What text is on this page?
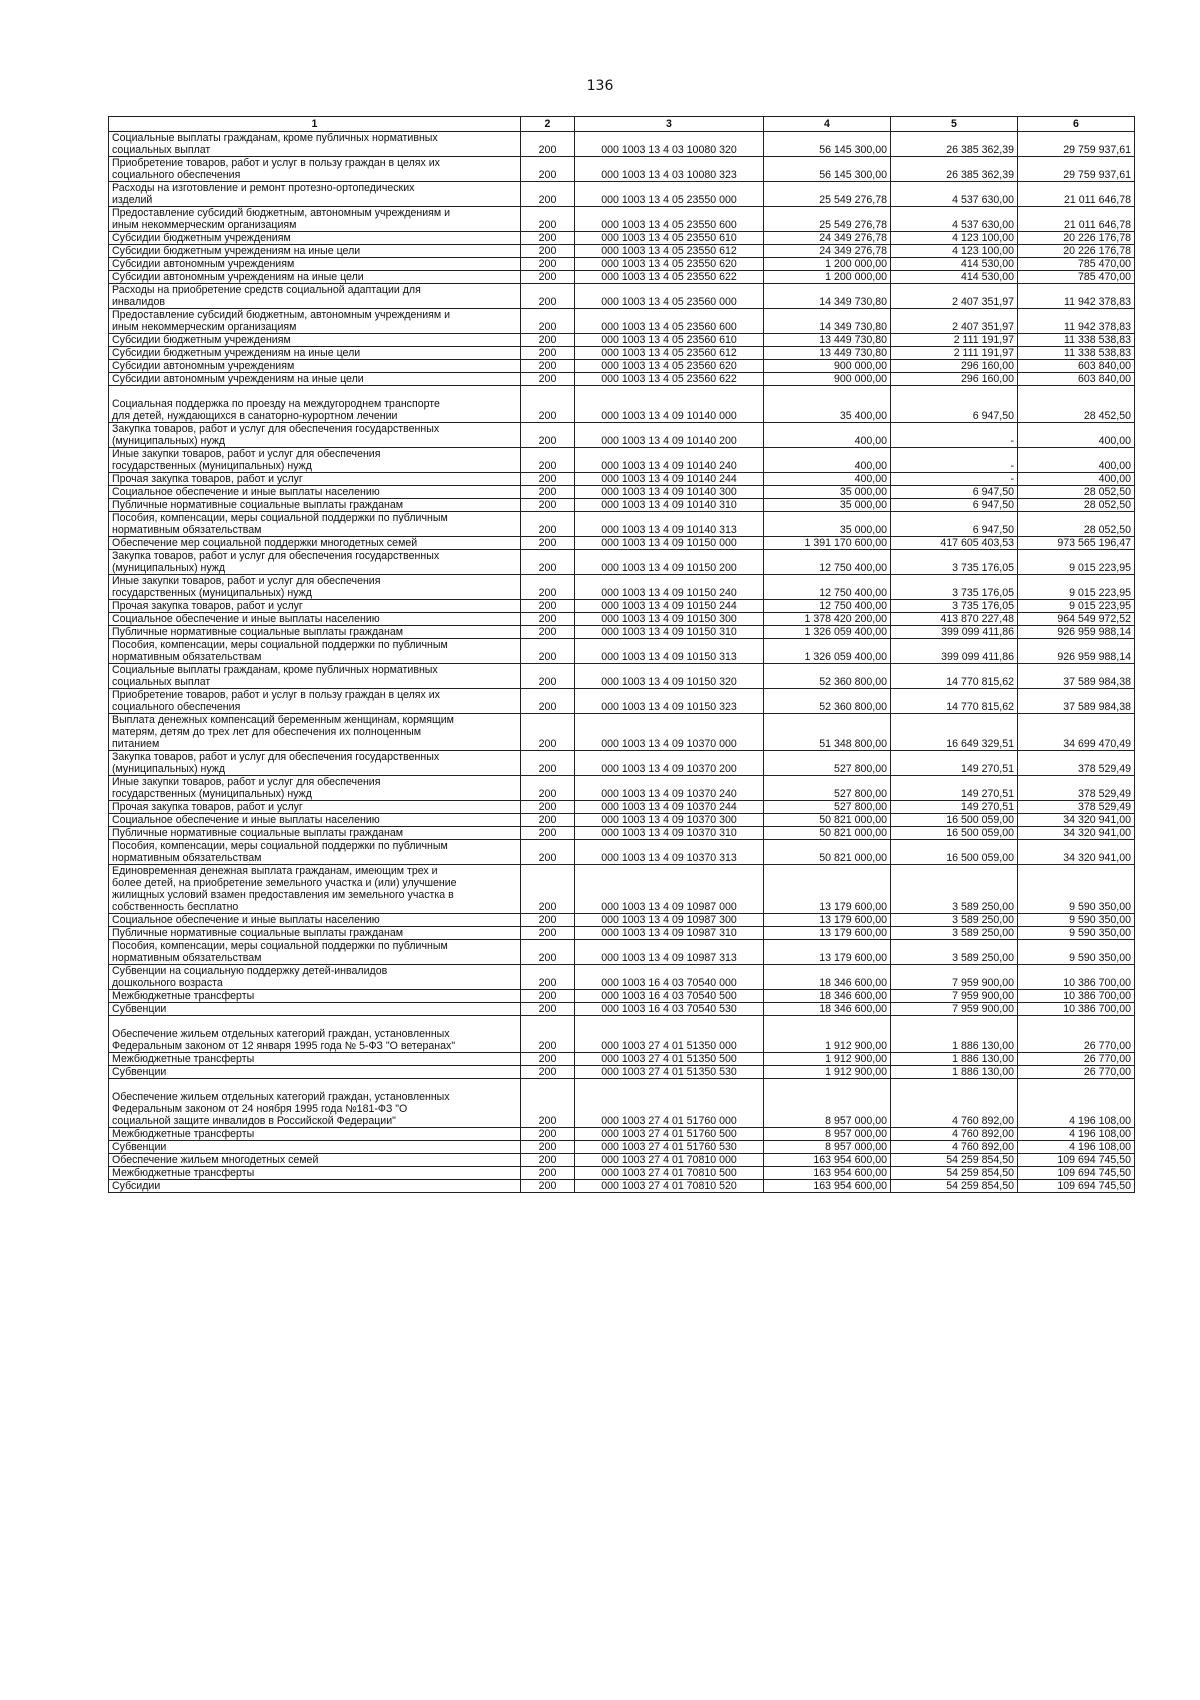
136
1	2	3	4	5	6
Социальные выплаты гражданам, кроме публичных нормативных
социальных выплат	200	000 1003 13 4 03 10080 320	56 145 300,00	26 385 362,39	29 759 937,61
Приобретение товаров, работ и услуг в пользу граждан в целях их
социального обеспечения	200	000 1003 13 4 03 10080 323	56 145 300,00	26 385 362,39	29 759 937,61
Расходы на изготовление и ремонт протезно-ортопедических
изделий	200	000 1003 13 4 05 23550 000	25 549 276,78	4 537 630,00	21 011 646,78
Предоставление субсидий бюджетным, автономным учреждениям и
иным некоммерческим организациям	200	000 1003 13 4 05 23550 600	25 549 276,78	4 537 630,00	21 011 646,78
Субсидии бюджетным учреждениям	200	000 1003 13 4 05 23550 610	24 349 276,78	4 123 100,00	20 226 176,78
Субсидии бюджетным учреждениям на иные цели	200	000 1003 13 4 05 23550 612	24 349 276,78	4 123 100,00	20 226 176,78
Субсидии автономным учреждениям	200	000 1003 13 4 05 23550 620	1 200 000,00	414 530,00	785 470,00
Субсидии автономным учреждениям на иные цели	200	000 1003 13 4 05 23550 622	1 200 000,00	414 530,00	785 470,00
Расходы на приобретение средств социальной адаптации для
инвалидов	200	000 1003 13 4 05 23560 000	14 349 730,80	2 407 351,97	11 942 378,83
Предоставление субсидий бюджетным, автономным учреждениям и
иным некоммерческим организациям	200	000 1003 13 4 05 23560 600	14 349 730,80	2 407 351,97	11 942 378,83
Субсидии бюджетным учреждениям	200	000 1003 13 4 05 23560 610	13 449 730,80	2 111 191,97	11 338 538,83
Субсидии бюджетным учреждениям на иные цели	200	000 1003 13 4 05 23560 612	13 449 730,80	2 111 191,97	11 338 538,83
Субсидии автономным учреждениям	200	000 1003 13 4 05 23560 620	900 000,00	296 160,00	603 840,00
Субсидии автономным учреждениям на иные цели	200	000 1003 13 4 05 23560 622	900 000,00	296 160,00	603 840,00

Социальная поддержка по проезду на междугороднем транспорте
для детей, нуждающихся в санаторно-курортном лечении	200	000 1003 13 4 09 10140 000	35 400,00	6 947,50	28 452,50
Закупка товаров, работ и услуг для обеспечения государственных
(муниципальных) нужд	200	000 1003 13 4 09 10140 200	400,00	-	400,00
Иные закупки товаров, работ и услуг для обеспечения
государственных (муниципальных) нужд	200	000 1003 13 4 09 10140 240	400,00	-	400,00
Прочая закупка товаров, работ и услуг	200	000 1003 13 4 09 10140 244	400,00	-	400,00
Социальное обеспечение и иные выплаты населению	200	000 1003 13 4 09 10140 300	35 000,00	6 947,50	28 052,50
Публичные нормативные социальные выплаты гражданам	200	000 1003 13 4 09 10140 310	35 000,00	6 947,50	28 052,50
Пособия, компенсации, меры социальной поддержки по публичным
нормативным обязательствам	200	000 1003 13 4 09 10140 313	35 000,00	6 947,50	28 052,50
Обеспечение мер социальной поддержки многодетных семей	200	000 1003 13 4 09 10150 000	1 391 170 600,00	417 605 403,53	973 565 196,47
Закупка товаров, работ и услуг для обеспечения государственных
(муниципальных) нужд	200	000 1003 13 4 09 10150 200	12 750 400,00	3 735 176,05	9 015 223,95
Иные закупки товаров, работ и услуг для обеспечения
государственных (муниципальных) нужд	200	000 1003 13 4 09 10150 240	12 750 400,00	3 735 176,05	9 015 223,95
Прочая закупка товаров, работ и услуг	200	000 1003 13 4 09 10150 244	12 750 400,00	3 735 176,05	9 015 223,95
Социальное обеспечение и иные выплаты населению	200	000 1003 13 4 09 10150 300	1 378 420 200,00	413 870 227,48	964 549 972,52
Публичные нормативные социальные выплаты гражданам	200	000 1003 13 4 09 10150 310	1 326 059 400,00	399 099 411,86	926 959 988,14
Пособия, компенсации, меры социальной поддержки по публичным
нормативным обязательствам	200	000 1003 13 4 09 10150 313	1 326 059 400,00	399 099 411,86	926 959 988,14
Социальные выплаты гражданам, кроме публичных нормативных
социальных выплат	200	000 1003 13 4 09 10150 320	52 360 800,00	14 770 815,62	37 589 984,38
Приобретение товаров, работ и услуг в пользу граждан в целях их
социального обеспечения	200	000 1003 13 4 09 10150 323	52 360 800,00	14 770 815,62	37 589 984,38
Выплата денежных компенсаций беременным женщинам, кормящим
матерям, детям до трех лет для обеспечения их полноценным
питанием	200	000 1003 13 4 09 10370 000	51 348 800,00	16 649 329,51	34 699 470,49
Закупка товаров, работ и услуг для обеспечения государственных
(муниципальных) нужд	200	000 1003 13 4 09 10370 200	527 800,00	149 270,51	378 529,49
Иные закупки товаров, работ и услуг для обеспечения
государственных (муниципальных) нужд	200	000 1003 13 4 09 10370 240	527 800,00	149 270,51	378 529,49
Прочая закупка товаров, работ и услуг	200	000 1003 13 4 09 10370 244	527 800,00	149 270,51	378 529,49
Социальное обеспечение и иные выплаты населению	200	000 1003 13 4 09 10370 300	50 821 000,00	16 500 059,00	34 320 941,00
Публичные нормативные социальные выплаты гражданам	200	000 1003 13 4 09 10370 310	50 821 000,00	16 500 059,00	34 320 941,00
Пособия, компенсации, меры социальной поддержки по публичным
нормативным обязательствам	200	000 1003 13 4 09 10370 313	50 821 000,00	16 500 059,00	34 320 941,00
Единовременная денежная выплата гражданам, имеющим трех и
более детей, на приобретение земельного участка и (или) улучшение
жилищных условий взамен предоставления им земельного участка в
собственность бесплатно	200	000 1003 13 4 09 10987 000	13 179 600,00	3 589 250,00	9 590 350,00
Социальное обеспечение и иные выплаты населению	200	000 1003 13 4 09 10987 300	13 179 600,00	3 589 250,00	9 590 350,00
Публичные нормативные социальные выплаты гражданам	200	000 1003 13 4 09 10987 310	13 179 600,00	3 589 250,00	9 590 350,00
Пособия, компенсации, меры социальной поддержки по публичным
нормативным обязательствам	200	000 1003 13 4 09 10987 313	13 179 600,00	3 589 250,00	9 590 350,00
Субвенции на социальную поддержку детей-инвалидов
дошкольного возраста	200	000 1003 16 4 03 70540 000	18 346 600,00	7 959 900,00	10 386 700,00
Межбюджетные трансферты	200	000 1003 16 4 03 70540 500	18 346 600,00	7 959 900,00	10 386 700,00
Субвенции	200	000 1003 16 4 03 70540 530	18 346 600,00	7 959 900,00	10 386 700,00

Обеспечение жильем отдельных категорий граждан, установленных
Федеральным законом от 12 января 1995 года № 5-ФЗ "О ветеранах"	200	000 1003 27 4 01 51350 000	1 912 900,00	1 886 130,00	26 770,00
Межбюджетные трансферты	200	000 1003 27 4 01 51350 500	1 912 900,00	1 886 130,00	26 770,00
Субвенции	200	000 1003 27 4 01 51350 530	1 912 900,00	1 886 130,00	26 770,00

Обеспечение жильем отдельных категорий граждан, установленных
Федеральным законом от 24 ноября 1995 года №181-ФЗ "О
социальной защите инвалидов в Российской Федерации"	200	000 1003 27 4 01 51760 000	8 957 000,00	4 760 892,00	4 196 108,00
Межбюджетные трансферты	200	000 1003 27 4 01 51760 500	8 957 000,00	4 760 892,00	4 196 108,00
Субвенции	200	000 1003 27 4 01 51760 530	8 957 000,00	4 760 892,00	4 196 108,00
Обеспечение жильем многодетных семей	200	000 1003 27 4 01 70810 000	163 954 600,00	54 259 854,50	109 694 745,50
Межбюджетные трансферты	200	000 1003 27 4 01 70810 500	163 954 600,00	54 259 854,50	109 694 745,50
Субсидии	200	000 1003 27 4 01 70810 520	163 954 600,00	54 259 854,50	109 694 745,50
